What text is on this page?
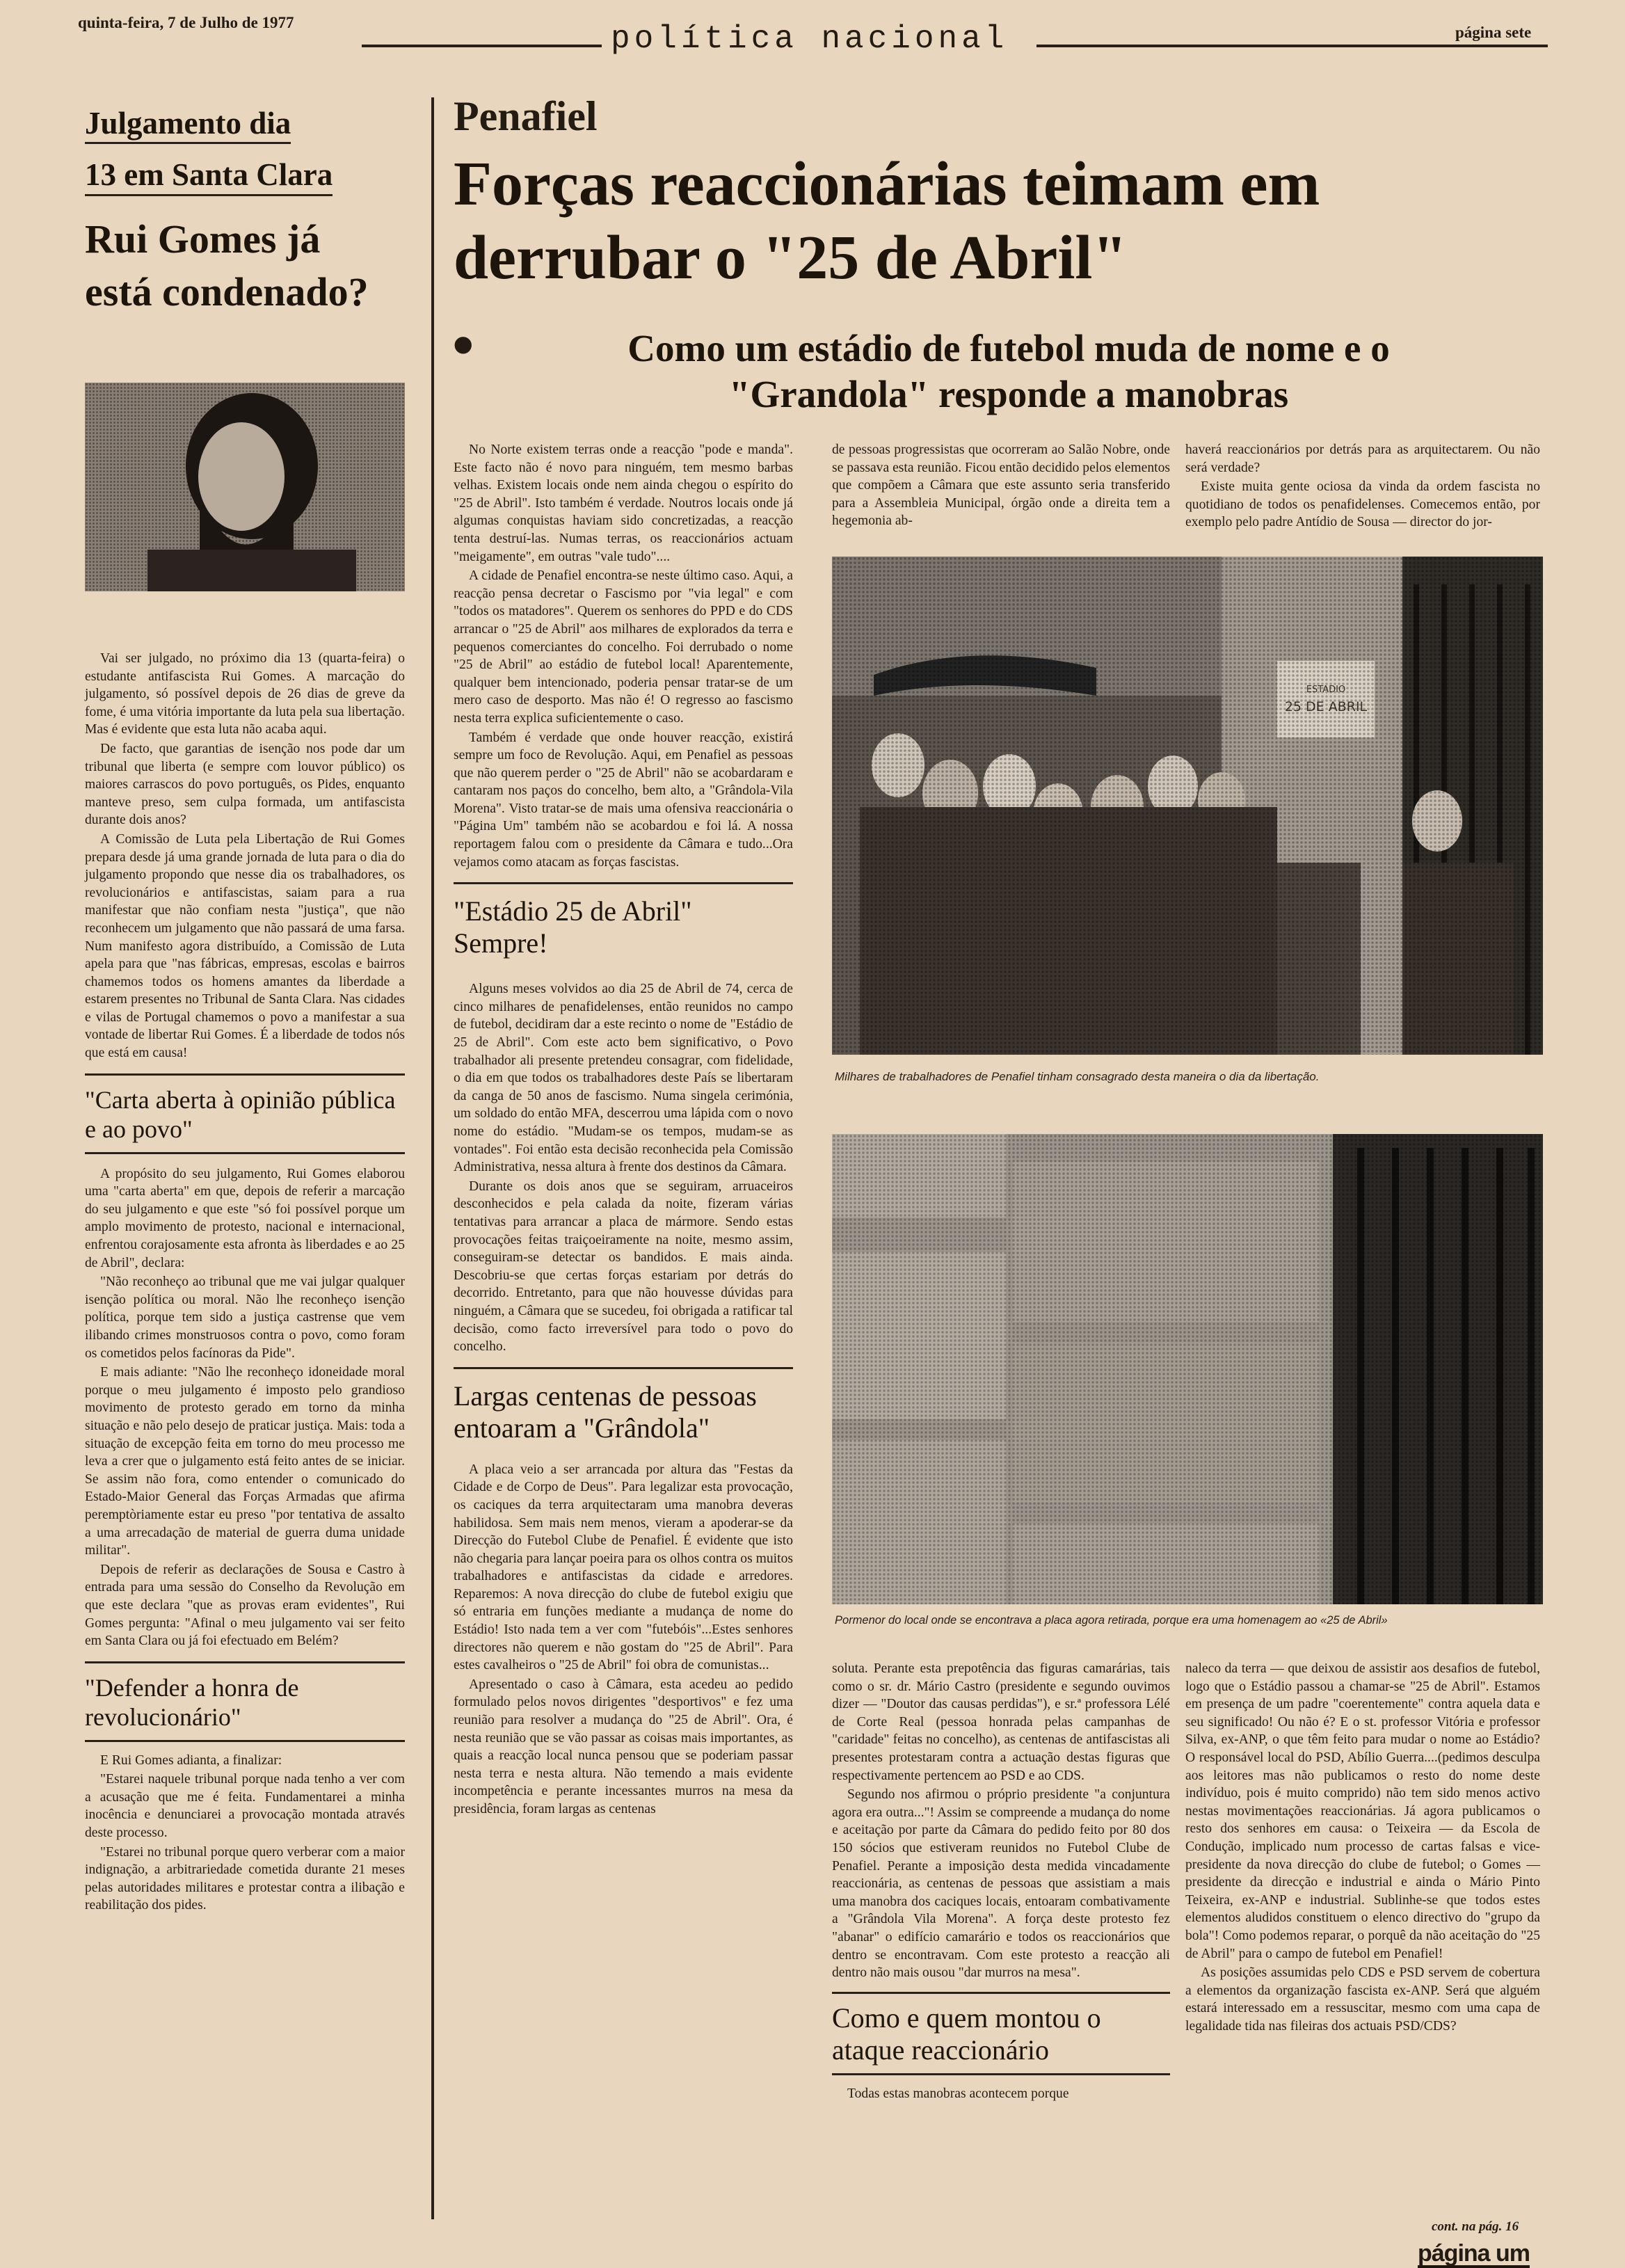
quinta-feira, 7 de Julho de 1977	política nacional	página sete
Julgamento dia 13 em Santa Clara
Rui Gomes já está condenado?

Vai ser julgado, no próximo dia 13 (quarta-feira) o estudante antifascista Rui Gomes. A marcação do julgamento, só possível depois de 26 dias de greve da fome, é uma vitória importante da luta pela sua libertação. Mas é evidente que esta luta não acaba aqui.

De facto, que garantias de isenção nos pode dar um tribunal que liberta (e sempre com louvor público) os maiores carrascos do povo português, os Pides, enquanto manteve preso, sem culpa formada, um antifascista durante dois anos?

A Comissão de Luta pela Libertação de Rui Gomes prepara desde já uma grande jornada de luta para o dia do julgamento propondo que nesse dia os trabalhadores, os revolucionários e antifascistas, saiam para a rua manifestar que não confiam nesta "justiça", que não reconhecem um julgamento que não passará de uma farsa. Num manifesto agora distribuído, a Comissão de Luta apela para que "nas fábricas, empresas, escolas e bairros chamemos todos os homens amantes da liberdade a estarem presentes no Tribunal de Santa Clara. Nas cidades e vilas de Portugal chamemos o povo a manifestar a sua vontade de libertar Rui Gomes. É a liberdade de todos nós que está em causa!

"Carta aberta à opinião pública e ao povo"

A propósito do seu julgamento, Rui Gomes elaborou uma "carta aberta" em que, depois de referir a marcação do seu julgamento e que este "só foi possível porque um amplo movimento de protesto, nacional e internacional, enfrentou corajosamente esta afronta às liberdades e ao 25 de Abril", declara:

"Não reconheço ao tribunal que me vai julgar qualquer isenção política ou moral. Não lhe reconheço isenção política, porque tem sido a justiça castrense que vem ilibando crimes monstruosos contra o povo, como foram os cometidos pelos facínoras da Pide".

E mais adiante: "Não lhe reconheço idoneidade moral porque o meu julgamento é imposto pelo grandioso movimento de protesto gerado em torno da minha situação e não pelo desejo de praticar justiça. Mais: toda a situação de excepção feita em torno do meu processo me leva a crer que o julgamento está feito antes de se iniciar. Se assim não fora, como entender o comunicado do Estado-Maior General das Forças Armadas que afirma peremptòriamente estar eu preso "por tentativa de assalto a uma arrecadação de material de guerra duma unidade militar".

Depois de referir as declarações de Sousa e Castro à entrada para uma sessão do Conselho da Revolução em que este declara "que as provas eram evidentes", Rui Gomes pergunta: "Afinal o meu julgamento vai ser feito em Santa Clara ou já foi efectuado em Belém?

"Defender a honra de revolucionário"

E Rui Gomes adianta, a finalizar:

"Estarei naquele tribunal porque nada tenho a ver com a acusação que me é feita. Fundamentarei a minha inocência e denunciarei a provocação montada através deste processo.

"Estarei no tribunal porque quero verberar com a maior indignação, a arbitrariedade cometida durante 21 meses pelas autoridades militares e protestar contra a ilibação e reabilitação dos pides.

Penafiel
Forças reaccionárias teimam em derrubar o "25 de Abril"
•	Como um estádio de futebol muda de nome e o "Grandola" responde a manobras

No Norte existem terras onde a reacção "pode e manda". Este facto não é novo para ninguém, tem mesmo barbas velhas. Existem locais onde nem ainda chegou o espírito do "25 de Abril". Isto também é verdade. Noutros locais onde já algumas conquistas haviam sido concretizadas, a reacção tenta destruí-las. Numas terras, os reaccionários actuam "meigamente", em outras "vale tudo"....

A cidade de Penafiel encontra-se neste último caso. Aqui, a reacção pensa decretar o Fascismo por "via legal" e com "todos os matadores". Querem os senhores do PPD e do CDS arrancar o "25 de Abril" aos milhares de explorados da terra e pequenos comerciantes do concelho. Foi derrubado o nome "25 de Abril" ao estádio de futebol local! Aparentemente, qualquer bem intencionado, poderia pensar tratar-se de um mero caso de desporto. Mas não é! O regresso ao fascismo nesta terra explica suficientemente o caso.

Também é verdade que onde houver reacção, existirá sempre um foco de Revolução. Aqui, em Penafiel as pessoas que não querem perder o "25 de Abril" não se acobardaram e cantaram nos paços do concelho, bem alto, a "Grândola-Vila Morena". Visto tratar-se de mais uma ofensiva reaccionária o "Página Um" também não se acobardou e foi lá. A nossa reportagem falou com o presidente da Câmara e tudo...Ora vejamos como atacam as forças fascistas.

"Estádio 25 de Abril" Sempre!

Alguns meses volvidos ao dia 25 de Abril de 74, cerca de cinco milhares de penafidelenses, então reunidos no campo de futebol, decidiram dar a este recinto o nome de "Estádio de 25 de Abril". Com este acto bem significativo, o Povo trabalhador ali presente pretendeu consagrar, com fidelidade, o dia em que todos os trabalhadores deste País se libertaram da canga de 50 anos de fascismo. Numa singela cerimónia, um soldado do então MFA, descerrou uma lápida com o novo nome do estádio. "Mudam-se os tempos, mudam-se as vontades". Foi então esta decisão reconhecida pela Comissão Administrativa, nessa altura à frente dos destinos da Câmara.

Durante os dois anos que se seguiram, arruaceiros desconhecidos e pela calada da noite, fizeram várias tentativas para arrancar a placa de mármore. Sendo estas provocações feitas traiçoeiramente na noite, mesmo assim, conseguiram-se detectar os bandidos. E mais ainda. Descobriu-se que certas forças estariam por detrás do decorrido. Entretanto, para que não houvesse dúvidas para ninguém, a Câmara que se sucedeu, foi obrigada a ratificar tal decisão, como facto irreversível para todo o povo do concelho.

Largas centenas de pessoas entoaram a "Grândola"

A placa veio a ser arrancada por altura das "Festas da Cidade e de Corpo de Deus". Para legalizar esta provocação, os caciques da terra arquitectaram uma manobra deveras habilidosa. Sem mais nem menos, vieram a apoderar-se da Direcção do Futebol Clube de Penafiel. É evidente que isto não chegaria para lançar poeira para os olhos contra os muitos trabalhadores e antifascistas da cidade e arredores. Reparemos: A nova direcção do clube de futebol exigiu que só entraria em funções mediante a mudança de nome do Estádio! Isto nada tem a ver com "futebóis"...Estes senhores directores não querem e não gostam do "25 de Abril". Para estes cavalheiros o "25 de Abril" foi obra de comunistas...

Apresentado o caso à Câmara, esta acedeu ao pedido formulado pelos novos dirigentes "desportivos" e fez uma reunião para resolver a mudança do "25 de Abril". Ora, é nesta reunião que se vão passar as coisas mais importantes, as quais a reacção local nunca pensou que se poderiam passar nesta terra e nesta altura. Não temendo a mais evidente incompetência e perante incessantes murros na mesa da presidência, foram largas as centenas

de pessoas progressistas que ocorreram ao Salão Nobre, onde se passava esta reunião. Ficou então decidido pelos elementos que compõem a Câmara que este assunto seria transferido para a Assembleia Municipal, órgão onde a direita tem a hegemonia ab-

haverá reaccionários por detrás para as arquitectarem. Ou não será verdade?

Existe muita gente ociosa da vinda da ordem fascista no quotidiano de todos os penafidelenses. Comecemos então, por exemplo pelo padre Antídio de Sousa — director do jor-

Milhares de trabalhadores de Penafiel tinham consagrado desta maneira o dia da libertação.
Pormenor do local onde se encontrava a placa agora retirada, porque era uma homenagem ao «25 de Abril»

soluta. Perante esta prepotência das figuras camarárias, tais como o sr. dr. Mário Castro (presidente e segundo ouvimos dizer — "Doutor das causas perdidas"), e sr.ª professora Lélé de Corte Real (pessoa honrada pelas campanhas de "caridade" feitas no concelho), as centenas de antifascistas ali presentes protestaram contra a actuação destas figuras que respectivamente pertencem ao PSD e ao CDS.

Segundo nos afirmou o próprio presidente "a conjuntura agora era outra..."! Assim se compreende a mudança do nome e aceitação por parte da Câmara do pedido feito por 80 dos 150 sócios que estiveram reunidos no Futebol Clube de Penafiel. Perante a imposição desta medida vincadamente reaccionária, as centenas de pessoas que assistiam a mais uma manobra dos caciques locais, entoaram combativamente a "Grândola Vila Morena". A força deste protesto fez "abanar" o edifício camarário e todos os reaccionários que dentro se encontravam. Com este protesto a reacção ali dentro não mais ousou "dar murros na mesa".

Como e quem montou o ataque reaccionário

Todas estas manobras acontecem porque

naleco da terra — que deixou de assistir aos desafios de futebol, logo que o Estádio passou a chamar-se "25 de Abril". Estamos em presença de um padre "coerentemente" contra aquela data e seu significado! Ou não é? E o st. professor Vitória e professor Silva, ex-ANP, o que têm feito para mudar o nome ao Estádio? O responsável local do PSD, Abílio Guerra....(pedimos desculpa aos leitores mas não publicamos o resto do nome deste indivíduo, pois é muito comprido) não tem sido menos activo nestas movimentações reaccionárias. Já agora publicamos o resto dos senhores em causa: o Teixeira — da Escola de Condução, implicado num processo de cartas falsas e vice-presidente da nova direcção do clube de futebol; o Gomes — presidente da direcção e industrial e ainda o Mário Pinto Teixeira, ex-ANP e industrial. Sublinhe-se que todos estes elementos aludidos constituem o elenco directivo do "grupo da bola"! Como podemos reparar, o porquê da não aceitação do "25 de Abril" para o campo de futebol em Penafiel!

As posições assumidas pelo CDS e PSD servem de cobertura a elementos da organização fascista ex-ANP. Será que alguém estará interessado em a ressuscitar, mesmo com uma capa de legalidade tida nas fileiras dos actuais PSD/CDS?

cont. na pág. 16
página um
